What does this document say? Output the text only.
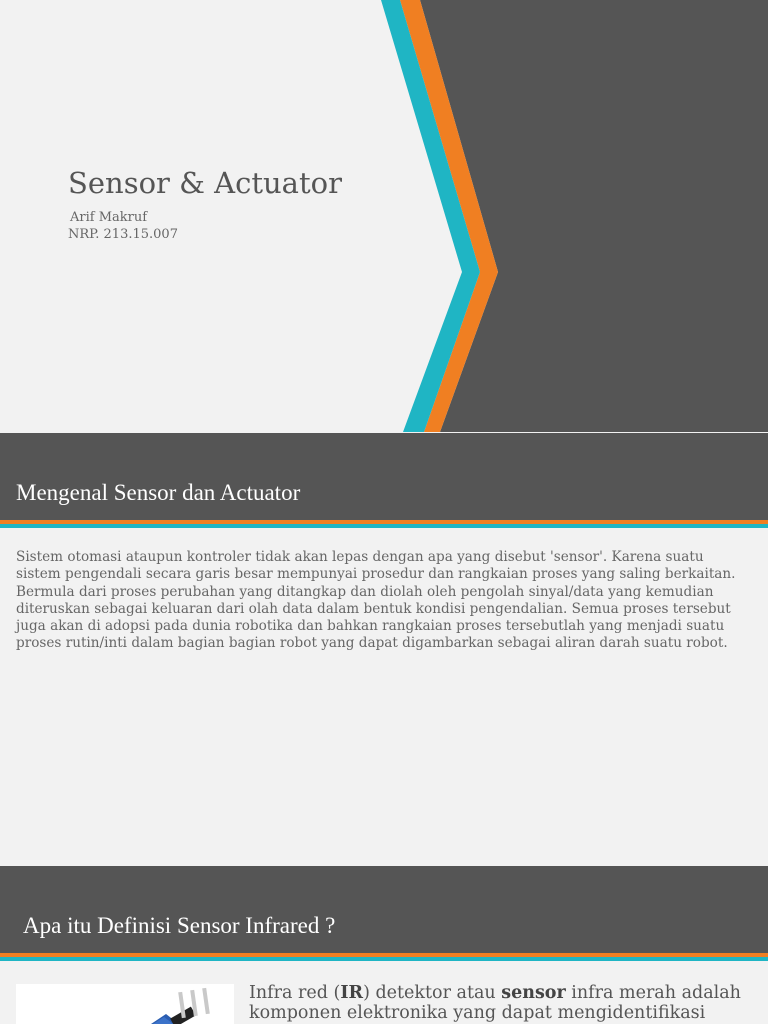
Sensor & Actuator
Arif Makruf
NRP. 213.15.007
Mengenal Sensor dan Actuator

Sistem otomasi ataupun kontroler tidak akan lepas dengan apa yang disebut 'sensor'. Karena suatu sistem pengendali secara garis besar mempunyai prosedur dan rangkaian proses yang saling berkaitan. Bermula dari proses perubahan yang ditangkap dan diolah oleh pengolah sinyal/data yang kemudian diteruskan sebagai keluaran dari olah data dalam bentuk kondisi pengendalian. Semua proses tersebut juga akan di adopsi pada dunia robotika dan bahkan rangkaian proses tersebutlah yang menjadi suatu proses rutin/inti dalam bagian bagian robot yang dapat digambarkan sebagai aliran darah suatu robot.

Apa itu Definisi Sensor Infrared ?

Infra red (IR) detektor atau sensor infra merah adalah komponen elektronika yang dapat mengidentifikasi
